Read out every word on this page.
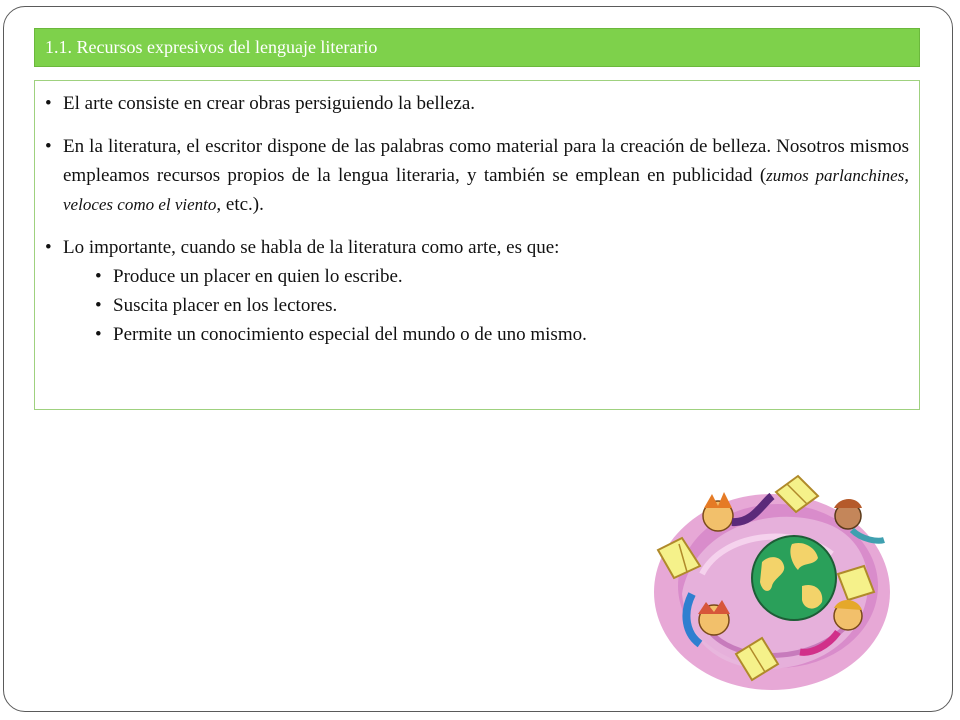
1.1. Recursos expresivos del lenguaje literario
• El arte consiste en crear obras persiguiendo la belleza.
• En la literatura, el escritor dispone de las palabras como material para la creación de belleza. Nosotros mismos empleamos recursos propios de la lengua literaria, y también se emplean en publicidad (zumos parlanchines, veloces como el viento, etc.).
• Lo importante, cuando se habla de la literatura como arte, es que:
• Produce un placer en quien lo escribe.
• Suscita placer en los lectores.
• Permite un conocimiento especial del mundo o de uno mismo.
